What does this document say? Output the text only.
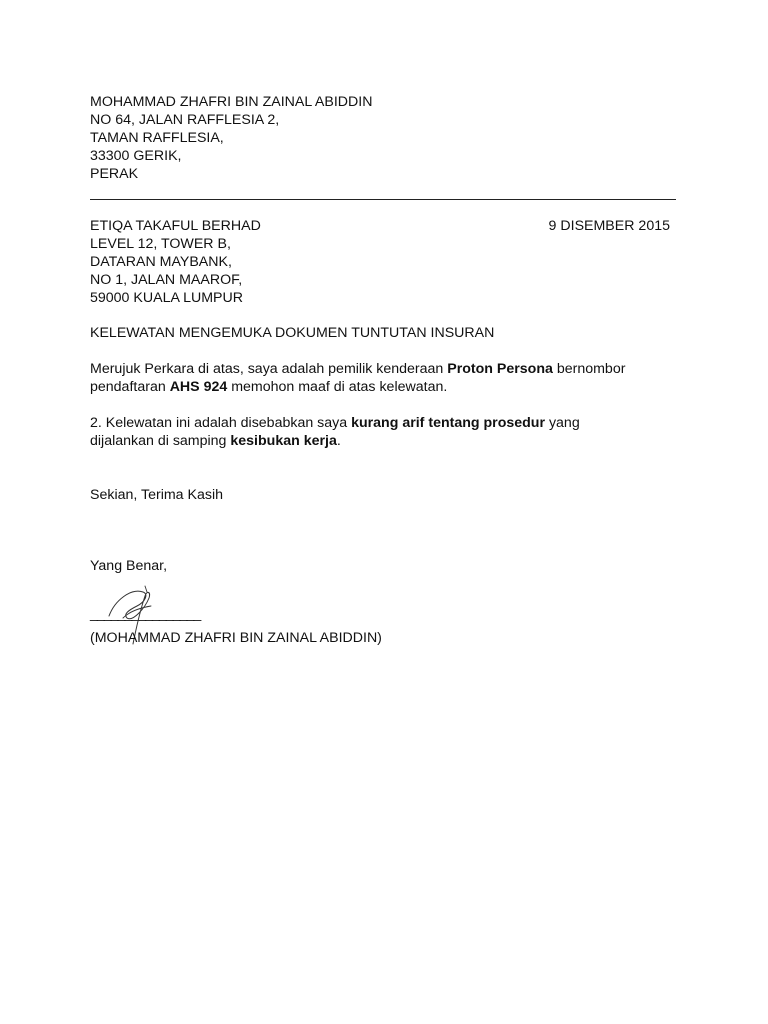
MOHAMMAD ZHAFRI BIN ZAINAL ABIDDIN
NO 64, JALAN RAFFLESIA 2,
TAMAN RAFFLESIA,
33300 GERIK,
PERAK
ETIQA TAKAFUL BERHAD	9 DISEMBER 2015
LEVEL 12, TOWER B,
DATARAN MAYBANK,
NO 1, JALAN MAAROF,
59000 KUALA LUMPUR
KELEWATAN MENGEMUKA DOKUMEN TUNTUTAN INSURAN
Merujuk Perkara di atas, saya adalah pemilik kenderaan Proton Persona bernombor
pendaftaran AHS 924 memohon maaf di atas kelewatan.
2. Kelewatan ini adalah disebabkan saya kurang arif tentang prosedur yang
dijalankan di samping kesibukan kerja.
Sekian, Terima Kasih
Yang Benar,
________________
(MOHAMMAD ZHAFRI BIN ZAINAL ABIDDIN)
